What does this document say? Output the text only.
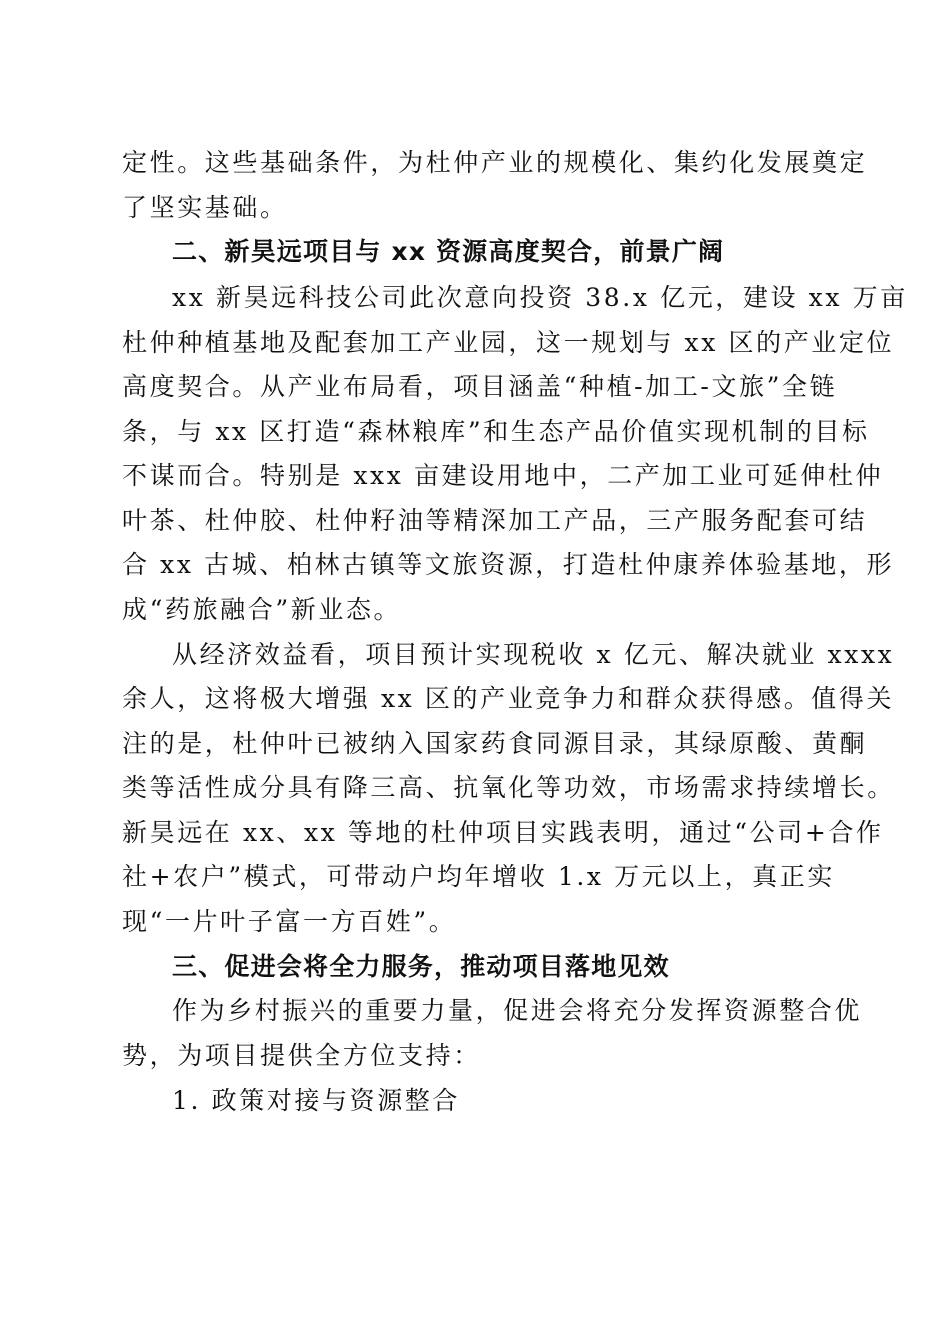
定性。这些基础条件，为杜仲产业的规模化、集约化发展奠定
了坚实基础。
二、新昊远项目与 xx 资源高度契合，前景广阔
xx 新昊远科技公司此次意向投资 38.x 亿元，建设 xx 万亩
杜仲种植基地及配套加工产业园，这一规划与 xx 区的产业定位
高度契合。从产业布局看，项目涵盖“种植-加工-文旅”全链
条，与 xx 区打造“森林粮库”和生态产品价值实现机制的目标
不谋而合。特别是 xxx 亩建设用地中，二产加工业可延伸杜仲
叶茶、杜仲胶、杜仲籽油等精深加工产品，三产服务配套可结
合 xx 古城、柏林古镇等文旅资源，打造杜仲康养体验基地，形
成“药旅融合”新业态。
从经济效益看，项目预计实现税收 x 亿元、解决就业 xxxx
余人，这将极大增强 xx 区的产业竞争力和群众获得感。值得关
注的是，杜仲叶已被纳入国家药食同源目录，其绿原酸、黄酮
类等活性成分具有降三高、抗氧化等功效，市场需求持续增长。
新昊远在 xx、xx 等地的杜仲项目实践表明，通过“公司+合作
社+农户”模式，可带动户均年增收 1.x 万元以上，真正实
现“一片叶子富一方百姓”。
三、促进会将全力服务，推动项目落地见效
作为乡村振兴的重要力量，促进会将充分发挥资源整合优
势，为项目提供全方位支持：
1. 政策对接与资源整合
